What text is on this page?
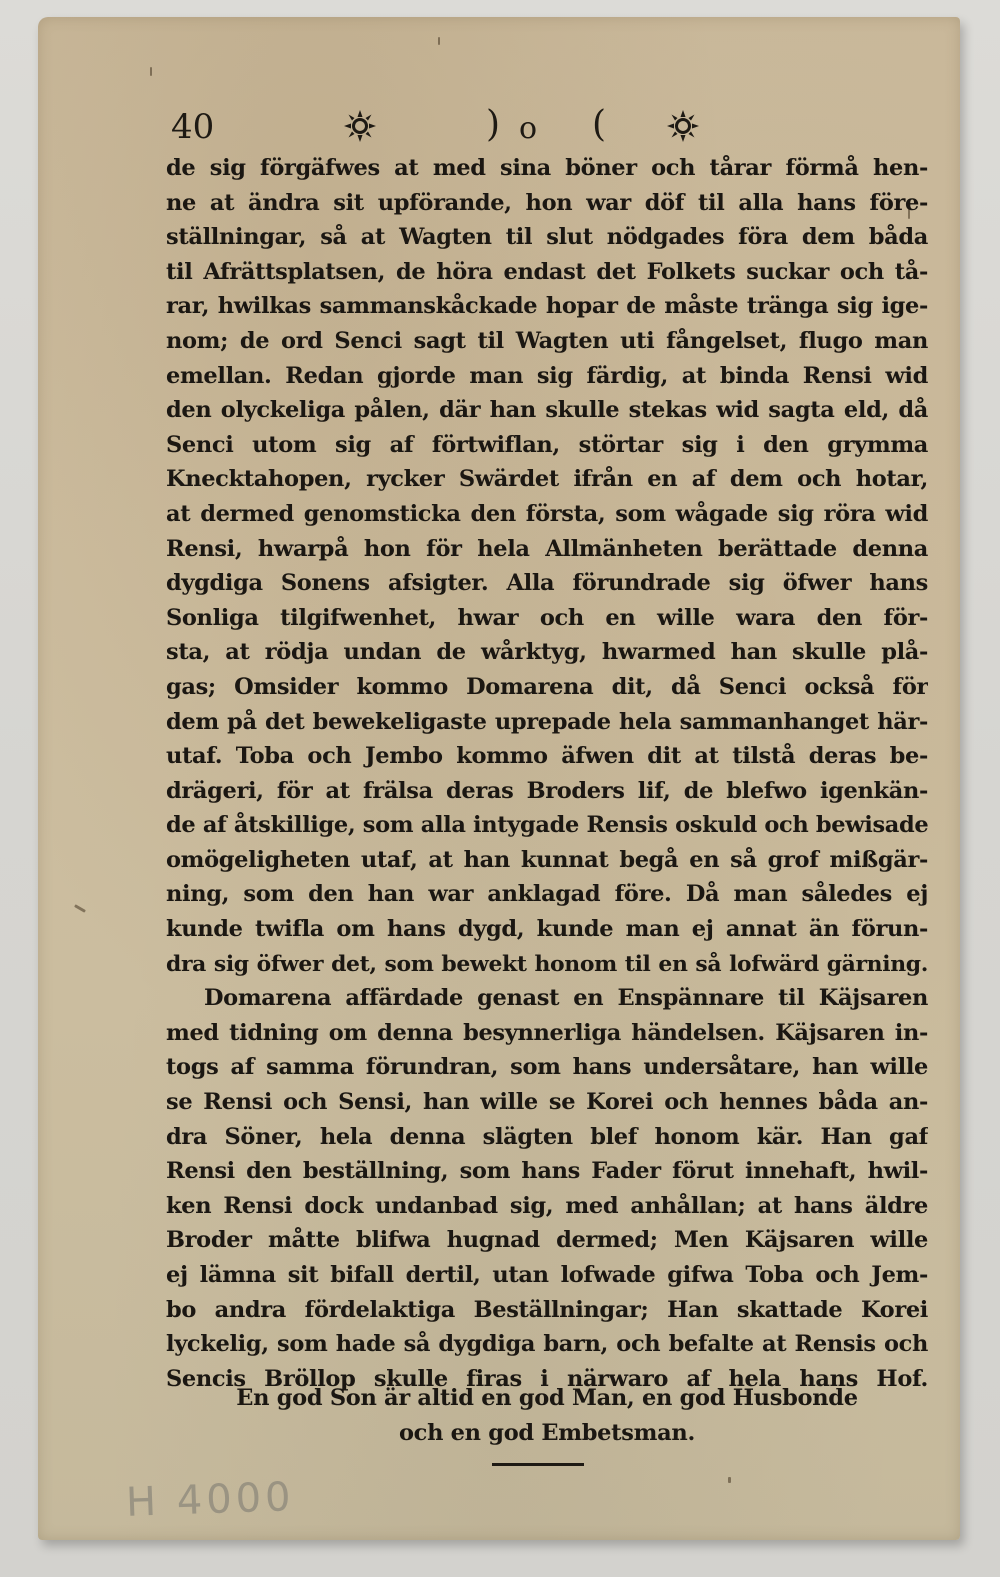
40	) o (
de sig förgäfwes at med sina böner och tårar förmå hen-
ne at ändra sit upförande, hon war döf til alla hans före-
ställningar, så at Wagten til slut nödgades föra dem båda
til Afrättsplatsen, de höra endast det Folkets suckar och tå-
rar, hwilkas sammanskåckade hopar de måste tränga sig ige-
nom; de ord Senci sagt til Wagten uti fångelset, flugo man
emellan. Redan gjorde man sig färdig, at binda Rensi wid
den olyckeliga pålen, där han skulle stekas wid sagta eld, då
Senci utom sig af förtwiflan, störtar sig i den grymma
Knecktahopen, rycker Swärdet ifrån en af dem och hotar,
at dermed genomsticka den första, som wågade sig röra wid
Rensi, hwarpå hon för hela Allmänheten berättade denna
dygdiga Sonens afsigter. Alla förundrade sig öfwer hans
Sonliga tilgifwenhet, hwar och en wille wara den för-
sta, at rödja undan de wårktyg, hwarmed han skulle plå-
gas; Omsider kommo Domarena dit, då Senci också för
dem på det bewekeligaste uprepade hela sammanhanget här-
utaf. Toba och Jembo kommo äfwen dit at tilstå deras be-
drägeri, för at frälsa deras Broders lif, de blefwo igenkän-
de af åtskillige, som alla intygade Rensis oskuld och bewisade
omögeligheten utaf, at han kunnat begå en så grof mißgär-
ning, som den han war anklagad före. Då man således ej
kunde twifla om hans dygd, kunde man ej annat än förun-
dra sig öfwer det, som bewekt honom til en så lofwärd gärning.
Domarena affärdade genast en Enspännare til Käjsaren
med tidning om denna besynnerliga händelsen. Käjsaren in-
togs af samma förundran, som hans undersåtare, han wille
se Rensi och Sensi, han wille se Korei och hennes båda an-
dra Söner, hela denna slägten blef honom kär. Han gaf
Rensi den beställning, som hans Fader förut innehaft, hwil-
ken Rensi dock undanbad sig, med anhållan; at hans äldre
Broder måtte blifwa hugnad dermed; Men Käjsaren wille
ej lämna sit bifall dertil, utan lofwade gifwa Toba och Jem-
bo andra fördelaktiga Beställningar; Han skattade Korei
lyckelig, som hade så dygdiga barn, och befalte at Rensis och
Sencis Bröllop skulle firas i närwaro af hela hans Hof.
En god Son är altid en god Man, en god Husbonde
och en god Embetsman.
H 4000
